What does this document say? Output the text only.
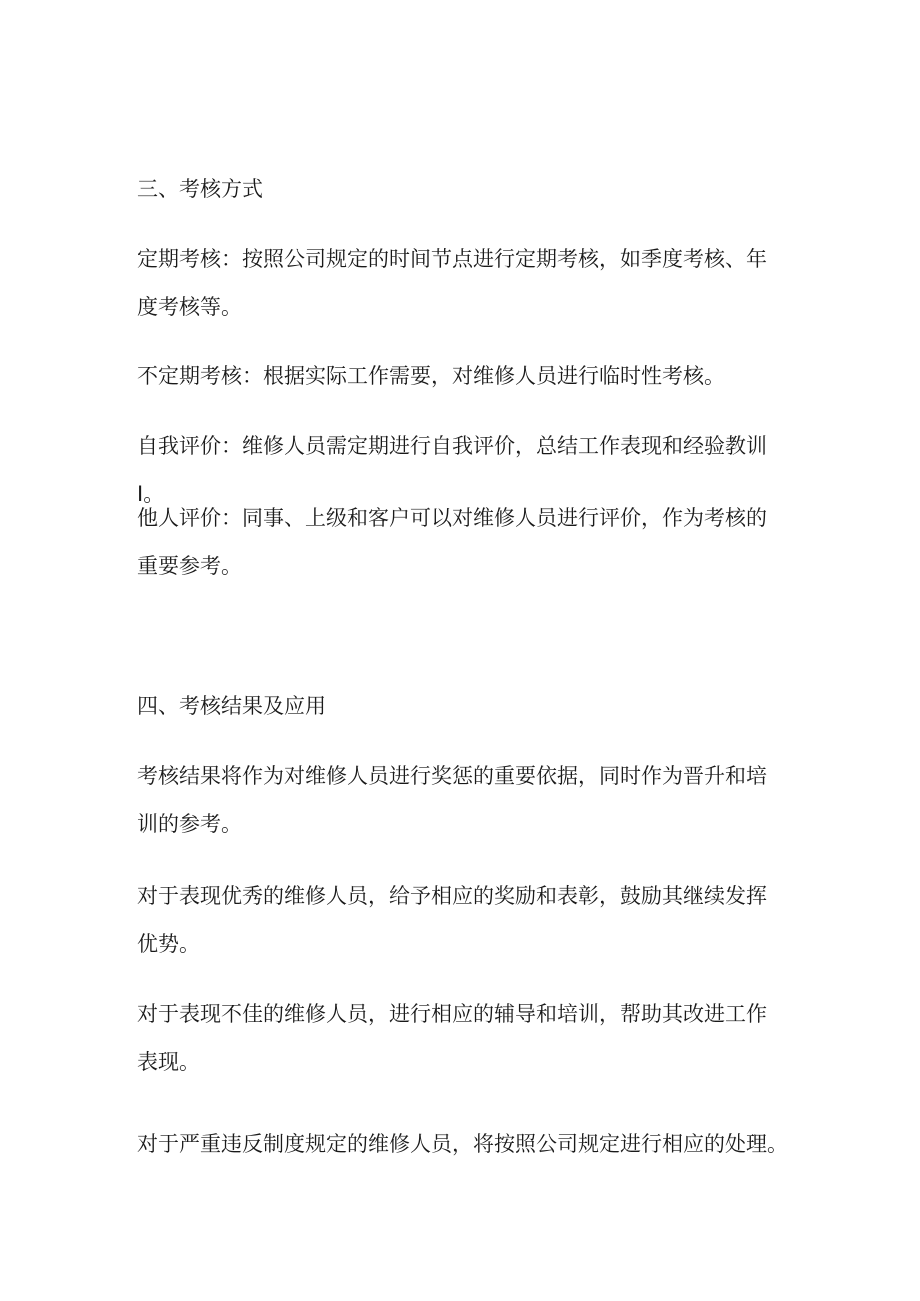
三、考核方式

定期考核：按照公司规定的时间节点进行定期考核，如季度考核、年度考核等。

不定期考核：根据实际工作需要，对维修人员进行临时性考核。

自我评价：维修人员需定期进行自我评价，总结工作表现和经验教训I。

他人评价：同事、上级和客户可以对维修人员进行评价，作为考核的重要参考。

四、考核结果及应用

考核结果将作为对维修人员进行奖惩的重要依据，同时作为晋升和培训的参考。

对于表现优秀的维修人员，给予相应的奖励和表彰，鼓励其继续发挥优势。

对于表现不佳的维修人员，进行相应的辅导和培训，帮助其改进工作表现。

对于严重违反制度规定的维修人员，将按照公司规定进行相应的处理。
